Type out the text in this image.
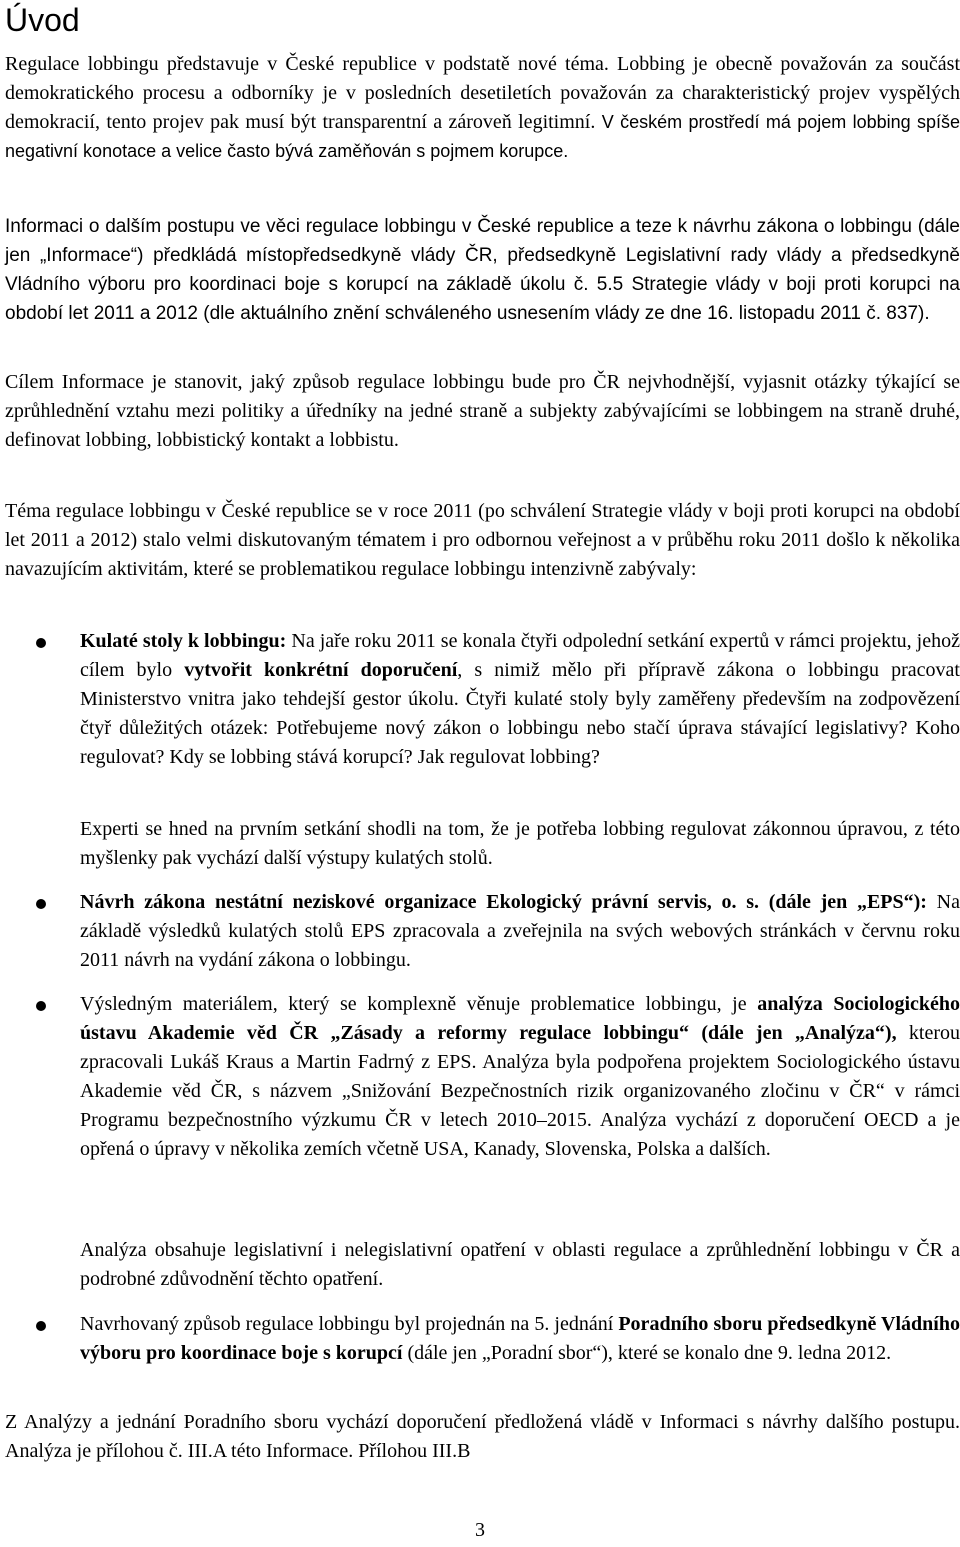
Úvod

Regulace lobbingu představuje v České republice v podstatě nové téma. Lobbing je obecně považován za součást demokratického procesu a odborníky je v posledních desetiletích považován za charakteristický projev vyspělých demokracií, tento projev pak musí být transparentní a zároveň legitimní. V českém prostředí má pojem lobbing spíše negativní konotace a velice často bývá zaměňován s pojmem korupce.

Informaci o dalším postupu ve věci regulace lobbingu v České republice a teze k návrhu zákona o lobbingu (dále jen „Informace“) předkládá místopředsedkyně vlády ČR, předsedkyně Legislativní rady vlády a předsedkyně Vládního výboru pro koordinaci boje s korupcí na základě úkolu č. 5.5 Strategie vlády v boji proti korupci na období let 2011 a 2012 (dle aktuálního znění schváleného usnesením vlády ze dne 16. listopadu 2011 č. 837).

Cílem Informace je stanovit, jaký způsob regulace lobbingu bude pro ČR nejvhodnější, vyjasnit otázky týkající se zprůhlednění vztahu mezi politiky a úředníky na jedné straně a subjekty zabývajícími se lobbingem na straně druhé, definovat lobbing, lobbistický kontakt a lobbistu.

Téma regulace lobbingu v České republice se v roce 2011 (po schválení Strategie vlády v boji proti korupci na období let 2011 a 2012) stalo velmi diskutovaným tématem i pro odbornou veřejnost a v průběhu roku 2011 došlo k několika navazujícím aktivitám, které se problematikou regulace lobbingu intenzivně zabývaly:

Kulaté stoly k lobbingu: Na jaře roku 2011 se konala čtyři odpolední setkání expertů v rámci projektu, jehož cílem bylo vytvořit konkrétní doporučení, s nimiž mělo při přípravě zákona o lobbingu pracovat Ministerstvo vnitra jako tehdejší gestor úkolu. Čtyři kulaté stoly byly zaměřeny především na zodpovězení čtyř důležitých otázek: Potřebujeme nový zákon o lobbingu nebo stačí úprava stávající legislativy? Koho regulovat? Kdy se lobbing stává korupcí? Jak regulovat lobbing?

Experti se hned na prvním setkání shodli na tom, že je potřeba lobbing regulovat zákonnou úpravou, z této myšlenky pak vychází další výstupy kulatých stolů.

Návrh zákona nestátní neziskové organizace Ekologický právní servis, o. s. (dále jen „EPS“): Na základě výsledků kulatých stolů EPS zpracovala a zveřejnila na svých webových stránkách v červnu roku 2011 návrh na vydání zákona o lobbingu.

Výsledným materiálem, který se komplexně věnuje problematice lobbingu, je analýza Sociologického ústavu Akademie věd ČR „Zásady a reformy regulace lobbingu“ (dále jen „Analýza“), kterou zpracovali Lukáš Kraus a Martin Fadrný z EPS. Analýza byla podpořena projektem Sociologického ústavu Akademie věd ČR, s názvem „Snižování Bezpečnostních rizik organizovaného zločinu v ČR“ v rámci Programu bezpečnostního výzkumu ČR v letech 2010–2015. Analýza vychází z doporučení OECD a je opřená o úpravy v několika zemích včetně USA, Kanady, Slovenska, Polska a dalších.

Analýza obsahuje legislativní i nelegislativní opatření v oblasti regulace a zprůhlednění lobbingu v ČR a podrobné zdůvodnění těchto opatření.

Navrhovaný způsob regulace lobbingu byl projednán na 5. jednání Poradního sboru předsedkyně Vládního výboru pro koordinace boje s korupcí (dále jen „Poradní sbor“), které se konalo dne 9. ledna 2012.

Z Analýzy a jednání Poradního sboru vychází doporučení předložená vládě v Informaci s návrhy dalšího postupu. Analýza je přílohou č. III.A této Informace. Přílohou III.B

3
